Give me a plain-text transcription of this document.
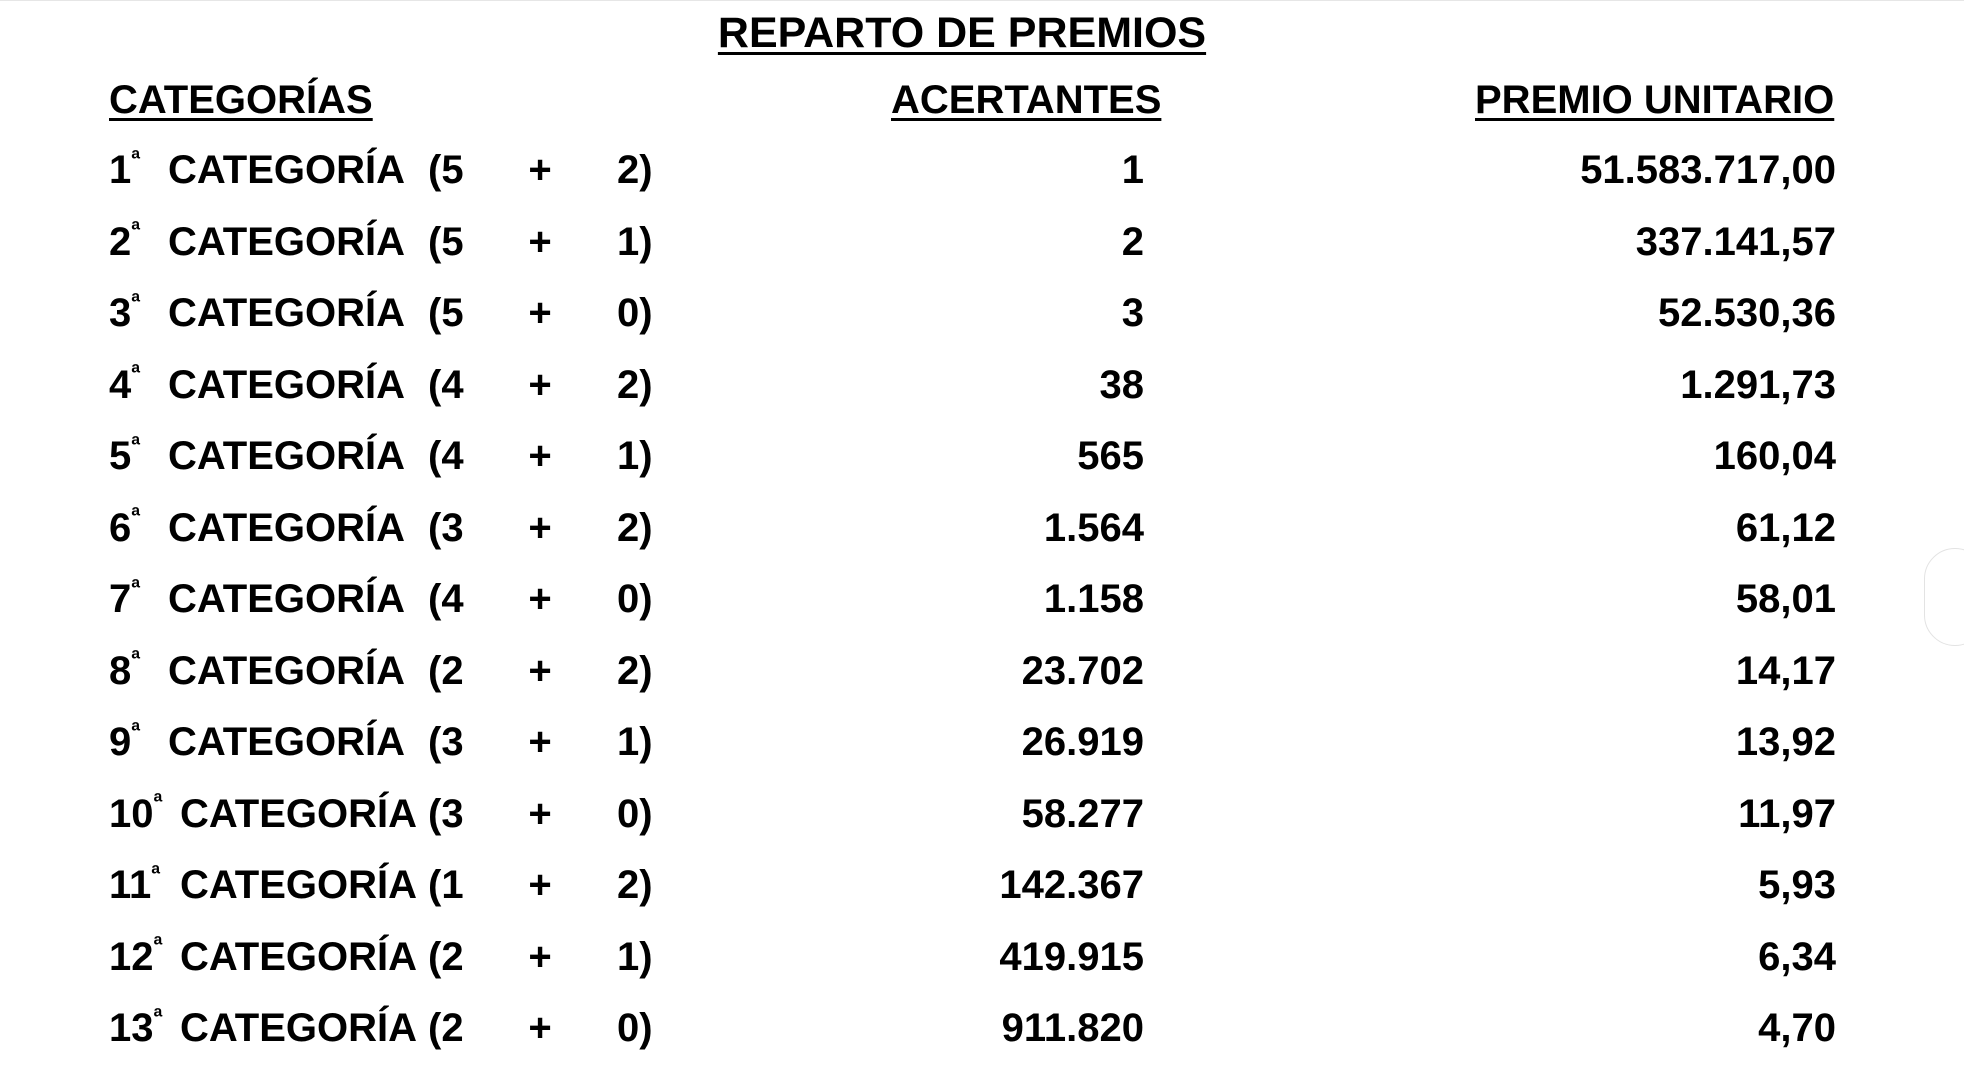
REPARTO DE PREMIOS
CATEGORÍAS	ACERTANTES	PREMIO UNITARIO
$1^ª$ CATEGORÍA (5 + 2)	1	51.583.717,00
$2^ª$ CATEGORÍA (5 + 1)	2	337.141,57
$3^ª$ CATEGORÍA (5 + 0)	3	52.530,36
$4^ª$ CATEGORÍA (4 + 2)	38	1.291,73
$5^ª$ CATEGORÍA (4 + 1)	565	160,04
$6^ª$ CATEGORÍA (3 + 2)	1.564	61,12
$7^ª$ CATEGORÍA (4 + 0)	1.158	58,01
$8^ª$ CATEGORÍA (2 + 2)	23.702	14,17
$9^ª$ CATEGORÍA (3 + 1)	26.919	13,92
$10^ª$ CATEGORÍA (3 + 0)	58.277	11,97
$11^ª$ CATEGORÍA (1 + 2)	142.367	5,93
$12^ª$ CATEGORÍA (2 + 1)	419.915	6,34
$13^ª$ CATEGORÍA (2 + 0)	911.820	4,70
